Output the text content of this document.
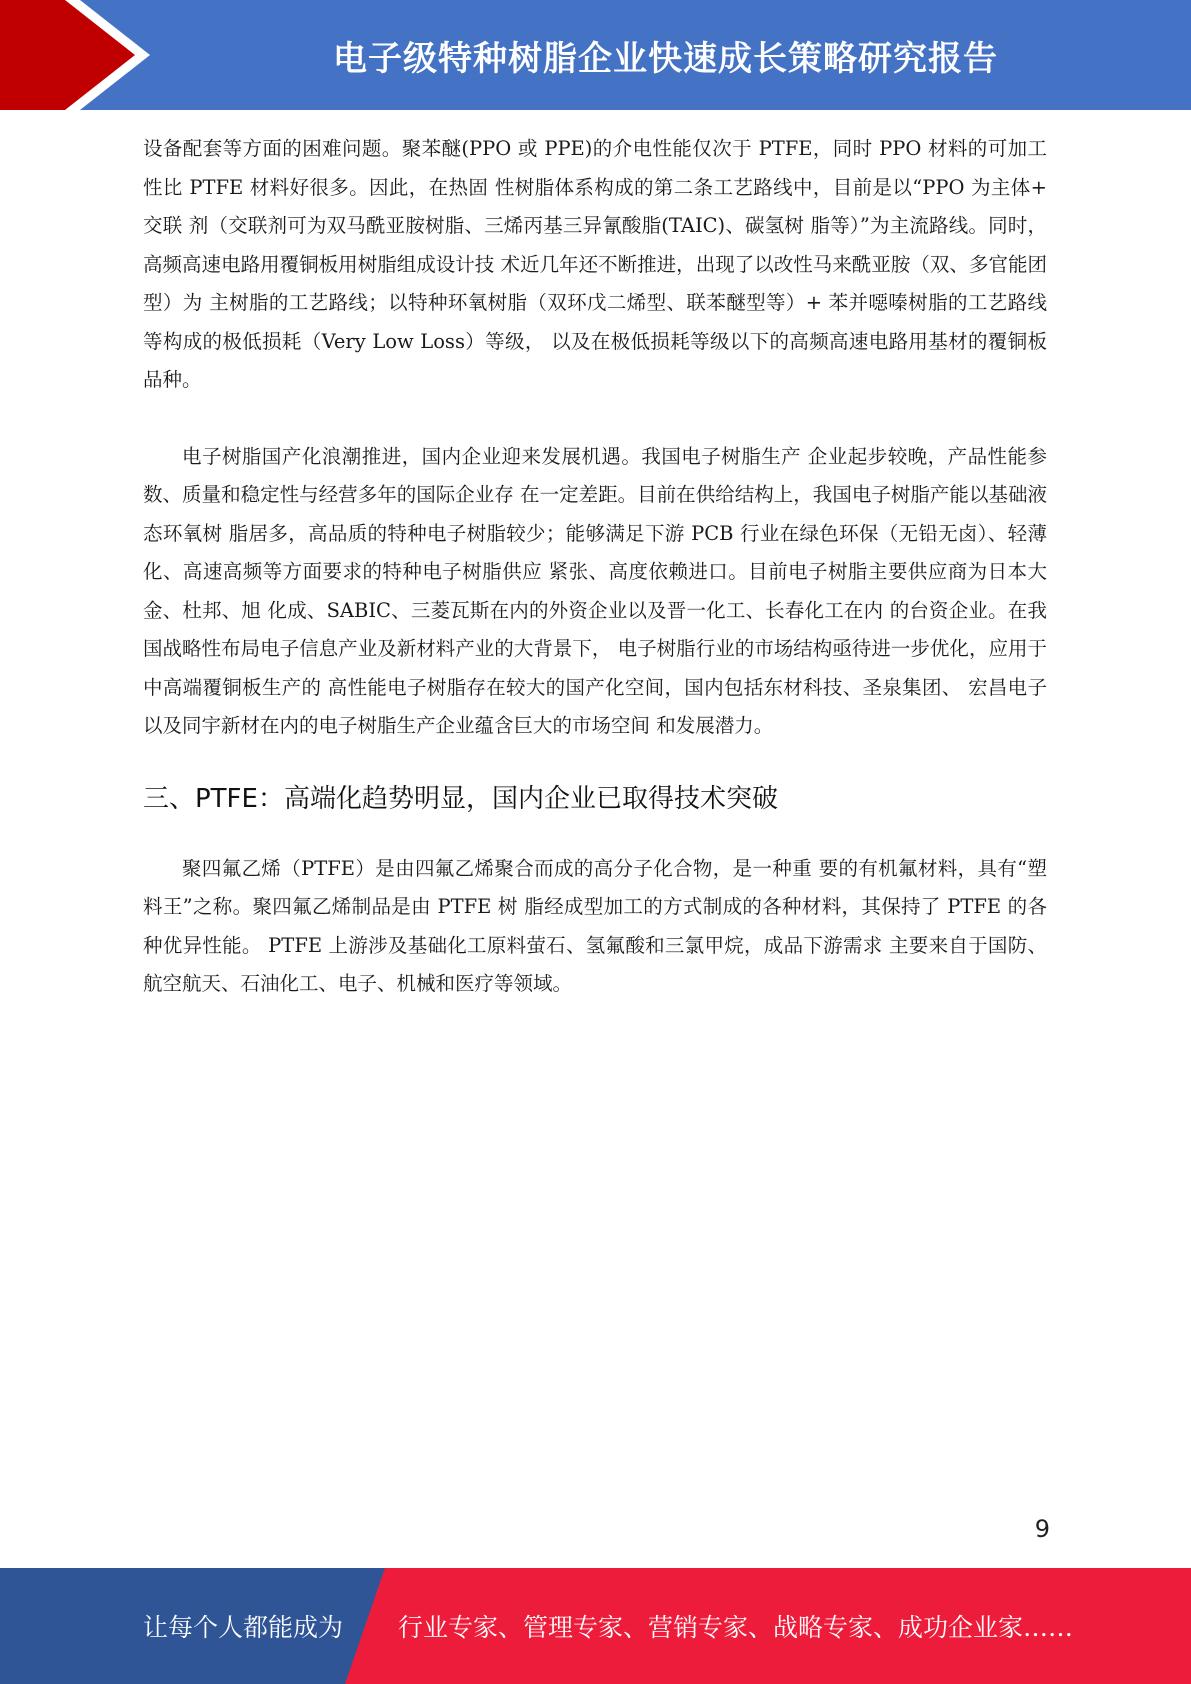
电子级特种树脂企业快速成长策略研究报告

设备配套等方面的困难问题。聚苯醚(PPO 或 PPE)的介电性能仅次于 PTFE，同时 PPO 材料的可加工性比 PTFE 材料好很多。因此，在热固 性树脂体系构成的第二条工艺路线中，目前是以“PPO 为主体+ 交联 剂（交联剂可为双马酰亚胺树脂、三烯丙基三异氰酸脂(TAIC)、碳氢树 脂等）”为主流路线。同时，高频高速电路用覆铜板用树脂组成设计技 术近几年还不断推进，出现了以改性马来酰亚胺（双、多官能团型）为 主树脂的工艺路线；以特种环氧树脂（双环戊二烯型、联苯醚型等）+ 苯并噁嗪树脂的工艺路线等构成的极低损耗（Very Low Loss）等级， 以及在极低损耗等级以下的高频高速电路用基材的覆铜板品种。

电子树脂国产化浪潮推进，国内企业迎来发展机遇。我国电子树脂生产 企业起步较晚，产品性能参数、质量和稳定性与经营多年的国际企业存 在一定差距。目前在供给结构上，我国电子树脂产能以基础液态环氧树 脂居多，高品质的特种电子树脂较少；能够满足下游 PCB 行业在绿色环保（无铅无卤）、轻薄化、高速高频等方面要求的特种电子树脂供应 紧张、高度依赖进口。目前电子树脂主要供应商为日本大金、杜邦、旭 化成、SABIC、三菱瓦斯在内的外资企业以及晋一化工、长春化工在内 的台资企业。在我国战略性布局电子信息产业及新材料产业的大背景下， 电子树脂行业的市场结构亟待进一步优化，应用于中高端覆铜板生产的 高性能电子树脂存在较大的国产化空间，国内包括东材科技、圣泉集团、 宏昌电子以及同宇新材在内的电子树脂生产企业蕴含巨大的市场空间 和发展潜力。

三、PTFE：高端化趋势明显，国内企业已取得技术突破

聚四氟乙烯（PTFE）是由四氟乙烯聚合而成的高分子化合物，是一种重 要的有机氟材料，具有“塑料王”之称。聚四氟乙烯制品是由 PTFE 树 脂经成型加工的方式制成的各种材料，其保持了 PTFE 的各种优异性能。 PTFE 上游涉及基础化工原料萤石、氢氟酸和三氯甲烷，成品下游需求 主要来自于国防、航空航天、石油化工、电子、机械和医疗等领域。

9
让每个人都能成为 行业专家、管理专家、营销专家、战略专家、成功企业家……
